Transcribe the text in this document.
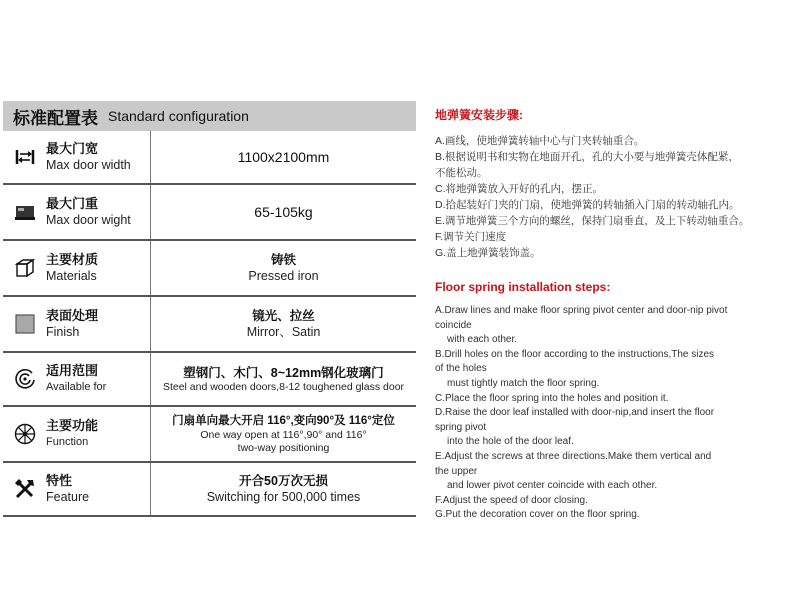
标准配置表 Standard configuration
最大门宽
Max door width	1100x2100mm
最大门重
Max door wight	65-105kg
主要材质
Materials
铸铁
Pressed iron
表面处理
Finish
镜光、拉丝
Mirror、Satin
适用范围
Available for
塑钢门、木门、8~12mm钢化玻璃门
Steel and wooden doors,8-12 toughened glass door
主要功能
Function
门扇单向最大开启 116°,变向90°及 116°定位
One way open at 116°,90° and 116°
two-way positioning
特性
Feature
开合50万次无损
Switching for 500,000 times
地弹簧安装步骤:
A.画线，使地弹簧转轴中心与门夹转轴重合。
B.根据说明书和实物在地面开孔，孔的大小要与地弹簧壳体配紧，
不能松动。
C.将地弹簧放入开好的孔内，摆正。
D.拾起装好门夹的门扇，使地弹簧的转轴插入门扇的转动轴孔内。
E.调节地弹簧三个方向的螺丝，保持门扇垂直，及上下转动轴重合。
F.调节关门速度
G.盖上地弹簧装饰盖。
Floor spring installation steps:
A.Draw lines and make floor spring pivot center and door-nip pivot
coincide
with each other.
B.Drill holes on the floor according to the instructions,The sizes
of the holes
must tightly match the floor spring.
C.Place the floor spring into the holes and position it.
D.Raise the door leaf installed with door-nip,and insert the floor
spring pivot
into the hole of the door leaf.
E.Adjust the screws at three directions.Make them vertical and
the upper
and lower pivot center coincide with each other.
F.Adjust the speed of door closing.
G.Put the decoration cover on the floor spring.
